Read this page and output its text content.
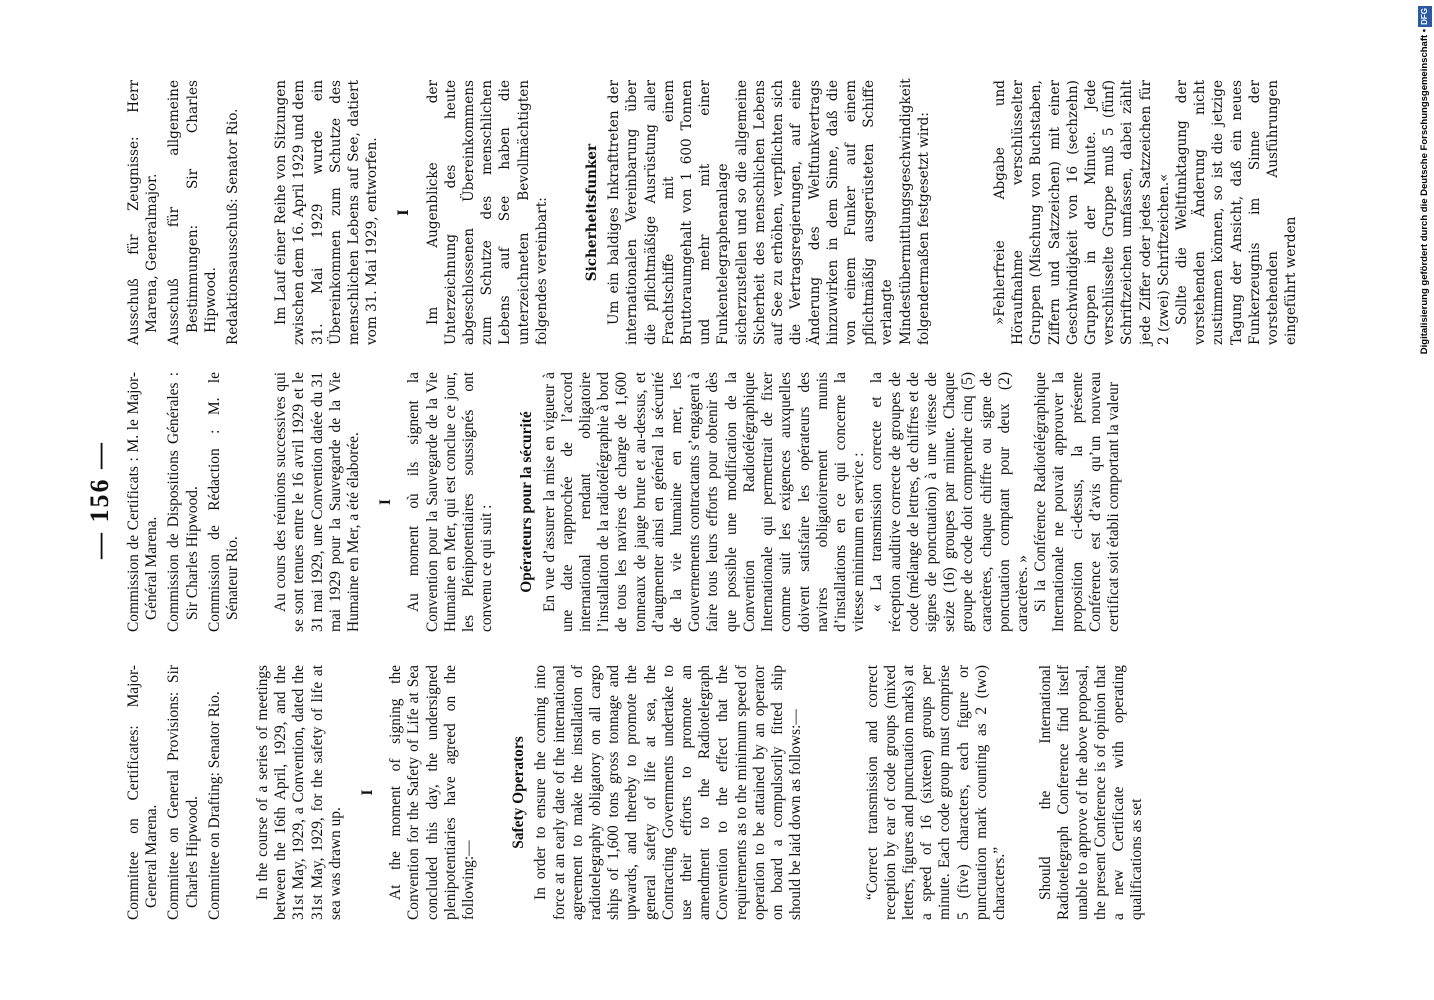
— 156 —
Committee on Certificates: Major-General Marena. Committee on General Provisions: Sir Charles Hipwood. Committee on Drafting: Senator Rio. In the course of a series of meetings between the 16th April, 1929, and the 31st May, 1929, a Convention, dated the 31st May, 1929, for the safety of life at sea was drawn up.

I At the moment of signing the Convention for the Safety of Life at Sea concluded this day, the undersigned plenipotentiaries have agreed on the following:—

Safety Operators In order to ensure the coming into force at an early date of the international agreement to make the installation of radiotelegraphy obligatory on all cargo ships of 1,600 tons gross tonnage and upwards, and thereby to promote the general safety of life at sea, the Contracting Governments undertake to use their efforts to promote an amendment to the Radiotelegraph Convention to the effect that the requirements as to the minimum speed of operation to be attained by an operator on board a compulsorily fitted ship should be laid down as follows:—	“Correct transmission and correct reception by ear of code groups (mixed letters, figures and punctuation marks) at a speed of 16 (sixteen) groups per minute. Each code group must comprise 5 (five) characters, each figure or punctuation mark counting as 2 (two) characters.” Should the International Radiotelegraph Conference find itself unable to approve of the above proposal, the present Conference is of opinion that a new Certificate with operating qualifications as set

Commission de Certificats : M. le Major-Général Marena. Commission de Dispositions Générales : Sir Charles Hipwood. Commission de Rédaction : M. le Sénateur Rio. Au cours des réunions successives qui se sont tenues entre le 16 avril 1929 et le 31 mai 1929, une Convention datée du 31 mai 1929 pour la Sauvegarde de la Vie Humaine en Mer, a été élaborée. I Au moment où ils signent la Convention pour la Sauvegarde de la Vie Humaine en Mer, qui est conclue ce jour, les Plénipotentiaires soussignés ont convenu ce qui suit : Opérateurs pour la sécurité En vue d’assurer la mise en vigueur à une date rapprochée de l’accord international rendant obligatoire l’installation de la radiotélégraphie à bord de tous les navires de charge de 1,600 tonneaux de jauge brute et au-dessus, et d’augmenter ainsi en général la sécurité de la vie humaine en mer, les Gouvernements contractants s’engagent à faire tous leurs efforts pour obtenir dès que possible une modification de la Convention Radiotélégraphique Internationale qui permettrait de fixer comme suit les exigences auxquelles doivent satisfaire les opérateurs des navires obligatoirement munis d’installations en ce qui concerne la vitesse minimum en service : « La transmission correcte et la réception auditive correcte de groupes de code (mélange de lettres, de chiffres et de signes de ponctuation) à une vitesse de seize (16) groupes par minute. Chaque groupe de code doit comprendre cinq (5) caractères, chaque chiffre ou signe de ponctuation comptant pour deux (2) caractères. » Si la Conférence Radiotélégraphique Internationale ne pouvait approuver la proposition ci-dessus, la présente Conférence est d’avis qu’un nouveau certificat soit établi comportant la valeur

Ausschuß für Zeugnisse: Herr Marena, Generalmajor. Ausschuß für allgemeine Bestimmungen: Sir Charles Hipwood. Redaktionsausschuß: Senator Rio. Im Lauf einer Reihe von Sitzungen zwischen dem 16. April 1929 und dem 31. Mai 1929 wurde ein Übereinkommen zum Schutze des menschlichen Lebens auf See, datiert vom 31. Mai 1929, entworfen. I Im Augenblicke der Unterzeichnung des heute abgeschlossenen Übereinkommens zum Schutze des menschlichen Lebens auf See haben die unterzeichneten Bevollmächtigten folgendes vereinbart:	Sicherheitsfunker Um ein baldiges Inkrafttreten der internationalen Vereinbarung über die pflichtmäßige Ausrüstung aller Frachtschiffe mit einem Bruttoraumgehalt von 1 600 Tonnen und mehr mit einer Funkentelegraphenanlage sicherzustellen und so die allgemeine Sicherheit des menschlichen Lebens auf See zu erhöhen, verpflichten sich die Vertragsregierungen, auf eine Änderung des Weltfunkvertrags hinzuwirken in dem Sinne, daß die von einem Funker auf einem pflichtmäßig ausgerüsteten Schiffe verlangte Mindestübermittlungsgeschwindigkeit folgendermaßen festgesetzt wird:	»Fehlerfreie Abgabe und Höraufnahme verschlüsselter Gruppen (Mischung von Buchstaben, Ziffern und Satzzeichen) mit einer Geschwindigkeit von 16 (sechzehn) Gruppen in der Minute. Jede verschlüsselte Gruppe muß 5 (fünf) Schriftzeichen umfassen, dabei zählt jede Ziffer oder jedes Satzzeichen für 2 (zwei) Schriftzeichen.« Sollte die Weltfunktagung der vorstehenden Änderung nicht zustimmen können, so ist die jetzige Tagung der Ansicht, daß ein neues Funkerzeugnis im Sinne der vorstehenden Ausführungen eingeführt werden	Digitalisierung gefördert durch die Deutsche Forschungsgemeinschaft •DFG
